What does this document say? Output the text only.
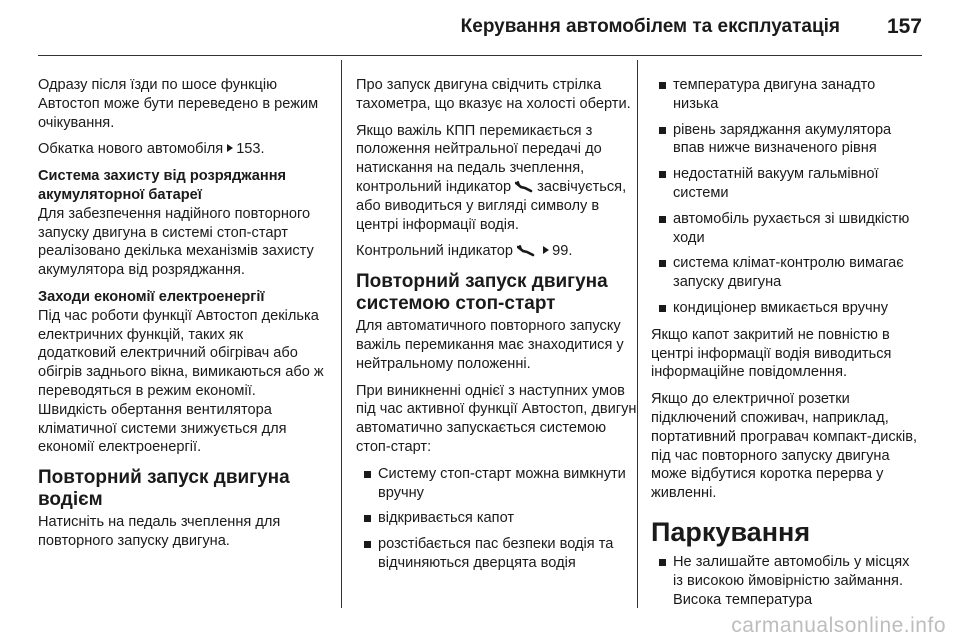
Керування автомобілем та експлуатація 157

Одразу після їзди по шосе функцію Автостоп може бути переведено в режим очікування.

Обкатка нового автомобіля 153.

Система захисту від розряджання акумуляторної батареї

Для забезпечення надійного повторного запуску двигуна в системі стоп-старт реалізовано декілька механізмів захисту акумулятора від розряджання.

Заходи економії електроенергії

Під час роботи функції Автостоп декілька електричних функцій, таких як додатковий електричний обігрівач або обігрів заднього вікна, вимикаються або ж переводяться в режим економії. Швидкість обертання вентилятора кліматичної системи знижується для економії електроенергії.

Повторний запуск двигуна водієм

Натисніть на педаль зчеплення для повторного запуску двигуна.

Про запуск двигуна свідчить стрілка тахометра, що вказує на холості оберти.

Якщо важіль КПП перемикається з положення нейтральної передачі до натискання на педаль зчеплення, контрольний індикатор засвічується, або виводиться у вигляді символу в центрі інформації водія.

Контрольний індикатор	99.

Повторний запуск двигуна системою стоп-старт

Для автоматичного повторного запуску важіль перемикання має знаходитися у нейтральному положенні.

При виникненні однієї з наступних умов під час активної функції Автостоп, двигун автоматично запускається системою стоп-старт:

Систему стоп-старт можна вимкнути вручну
відкривається капот
розстібається пас безпеки водія та відчиняються дверцята водія
температура двигуна занадто низька
рівень заряджання акумулятора впав нижче визначеного рівня
недостатній вакуум гальмівної системи
автомобіль рухається зі швидкістю ходи
система клімат-контролю вимагає запуску двигуна
кондиціонер вмикається вручну

Якщо капот закритий не повністю в центрі інформації водія виводиться інформаційне повідомлення.

Якщо до електричної розетки підключений споживач, наприклад, портативний програвач компакт-дисків, під час повторного запуску двигуна може відбутися коротка перерва у живленні.

Паркування
Не залишайте автомобіль у місцях із високою ймовірністю займання. Висока температура
carmanualsonline.info
